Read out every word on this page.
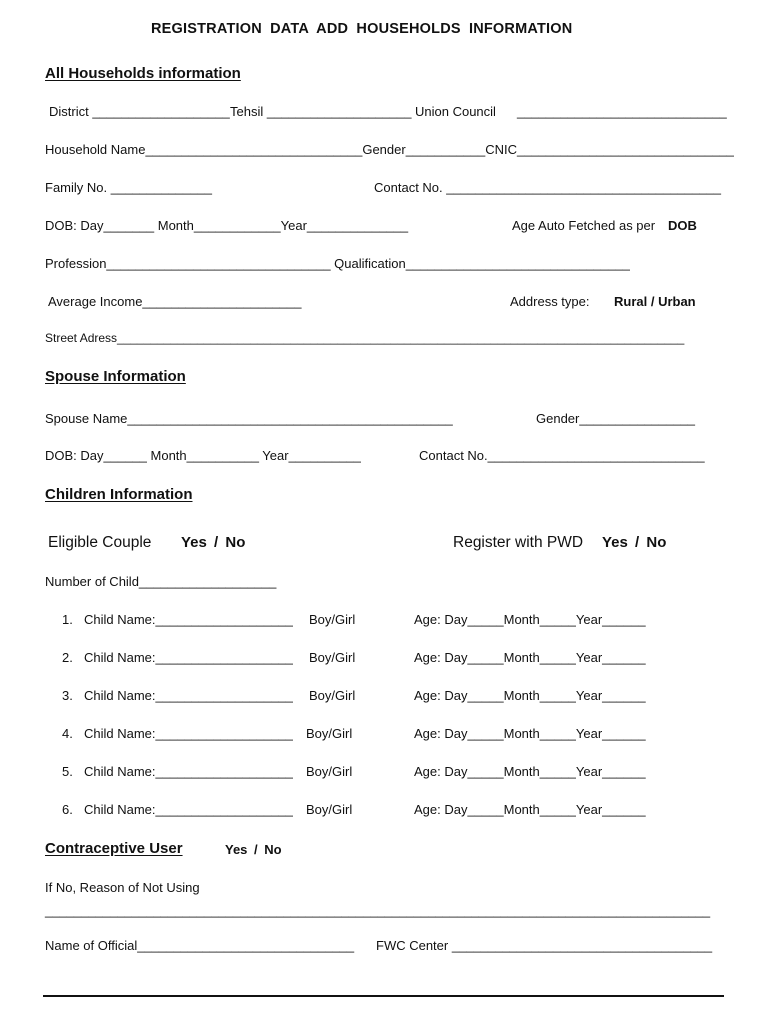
REGISTRATION DATA ADD HOUSEHOLDS INFORMATION
All Households information
District ___________________ Tehsil ____________________ Union Council _____________________________
Household Name______________________________Gender___________CNIC______________________________
Family No. ______________	Contact No. ______________________________________
DOB: Day_______ Month____________Year______________	Age Auto Fetched as per DOB
Profession_______________________________ Qualification_______________________________
Average Income______________________	Address type: Rural / Urban
Street Adress_____________________________________________________________________________________
Spouse Information
Spouse Name_____________________________________________	Gender________________
DOB: Day______ Month__________ Year__________	Contact No.______________________________
Children Information
Eligible Couple Yes / No	Register with PWD Yes / No
Number of Child___________________
1. Child Name:___________________ Boy/Girl	Age: Day_____Month_____Year______
2. Child Name:___________________ Boy/Girl	Age: Day_____Month_____Year______
3. Child Name:___________________ Boy/Girl	Age: Day_____Month_____Year______
4. Child Name:___________________ Boy/Girl	Age: Day_____Month_____Year______
5. Child Name:___________________ Boy/Girl	Age: Day_____Month_____Year______
6. Child Name:___________________ Boy/Girl	Age: Day_____Month_____Year______
Contraceptive User	Yes / No
If No, Reason of Not Using
____________________________________________________________________________________________
Name of Official______________________________ FWC Center ____________________________________
